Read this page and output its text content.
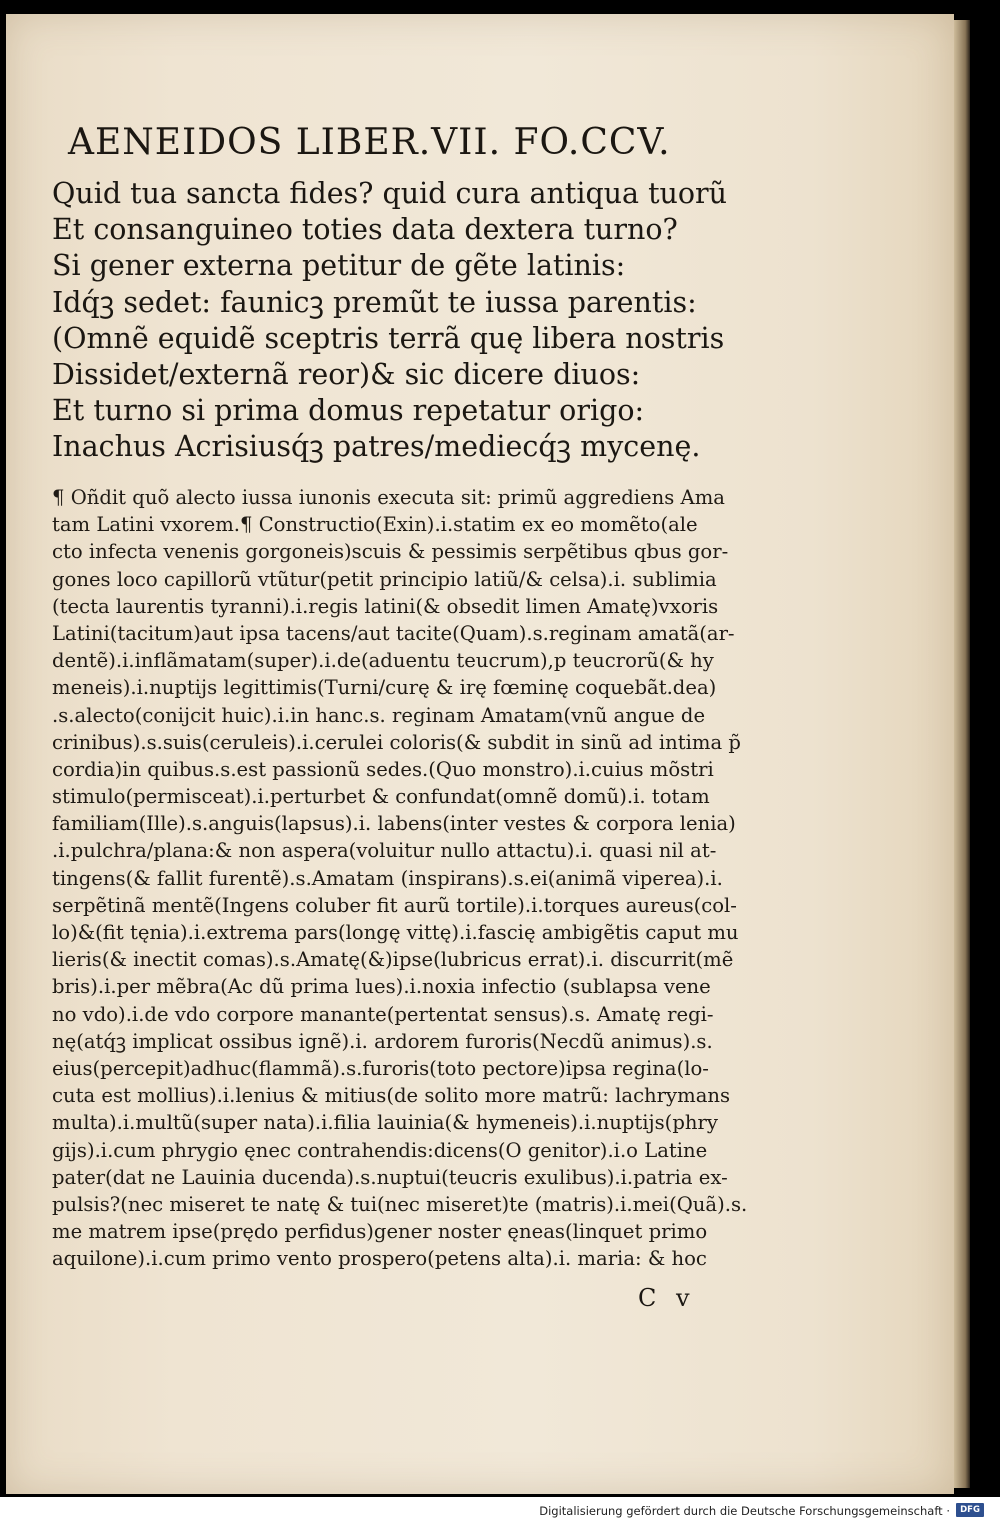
AENEIDOS LIBER.VII. FO.CCV.
Quid tua sancta fides? quid cura antiqua tuorũ
Et consanguineo toties data dextera turno?
Si gener externa petitur de gẽte latinis:
Idq́ꝫ sedet: faunicꝫ premũt te iussa parentis:
(Omnẽ equidẽ sceptris terrã quę libera nostris
Dissidet/externã reor)& sic dicere diuos:
Et turno si prima domus repetatur origo:
Inachus Acrisiusq́ꝫ patres/mediecq́ꝫ mycenę.
¶ Oñdit quõ alecto iussa iunonis executa sit: primũ aggrediens Ama
tam Latini vxorem.¶ Constructio(Exin).i.statim ex eo momẽto(ale
cto infecta venenis gorgoneis)scuis & pessimis serpẽtibus qbus gor-
gones loco capillorũ vtũtur(petit principio latiũ/& celsa).i. sublimia
(tecta laurentis tyranni).i.regis latini(& obsedit limen Amatę)vxoris
Latini(tacitum)aut ipsa tacens/aut tacite(Quam).s.reginam amatã(ar-
dentẽ).i.inflãmatam(super).i.de(aduentu teucrum),p teucrorũ(& hy
meneis).i.nuptijs legittimis(Turni/curę & irę fœminę coquebãt.dea)
.s.alecto(conijcit huic).i.in hanc.s. reginam Amatam(vnũ angue de
crinibus).s.suis(ceruleis).i.cerulei coloris(& subdit in sinũ ad intima p̃
cordia)in quibus.s.est passionũ sedes.(Quo monstro).i.cuius mõstri
stimulo(permisceat).i.perturbet & confundat(omnẽ domũ).i. totam
familiam(Ille).s.anguis(lapsus).i. labens(inter vestes & corpora lenia)
.i.pulchra/plana:& non aspera(voluitur nullo attactu).i. quasi nil at-
tingens(& fallit furentẽ).s.Amatam (inspirans).s.ei(animã viperea).i.
serpẽtinã mentẽ(Ingens coluber fit aurũ tortile).i.torques aureus(col-
lo)&(fit tęnia).i.extrema pars(longę vittę).i.fascię ambigẽtis caput mu
lieris(& inectit comas).s.Amatę(&)ipse(lubricus errat).i. discurrit(mẽ
bris).i.per mẽbra(Ac dũ prima lues).i.noxia infectio (sublapsa vene
no vdo).i.de vdo corpore manante(pertentat sensus).s. Amatę regi-
nę(atq́ꝫ implicat ossibus ignẽ).i. ardorem furoris(Necdũ animus).s.
eius(percepit)adhuc(flammã).s.furoris(toto pectore)ipsa regina(lo-
cuta est mollius).i.lenius & mitius(de solito more matrũ: lachrymans
multa).i.multũ(super nata).i.filia lauinia(& hymeneis).i.nuptijs(phry
gijs).i.cum phrygio ęnec contrahendis:dicens(O genitor).i.o Latine
pater(dat ne Lauinia ducenda).s.nuptui(teucris exulibus).i.patria ex-
pulsis?(nec miseret te natę & tui(nec miseret)te (matris).i.mei(Quã).s.
me matrem ipse(prędo perfidus)gener noster ęneas(linquet primo
aquilone).i.cum primo vento prospero(petens alta).i. maria: & hoc
C v
Digitalisierung gefördert durch die Deutsche Forschungsgemeinschaft ·	DFG
